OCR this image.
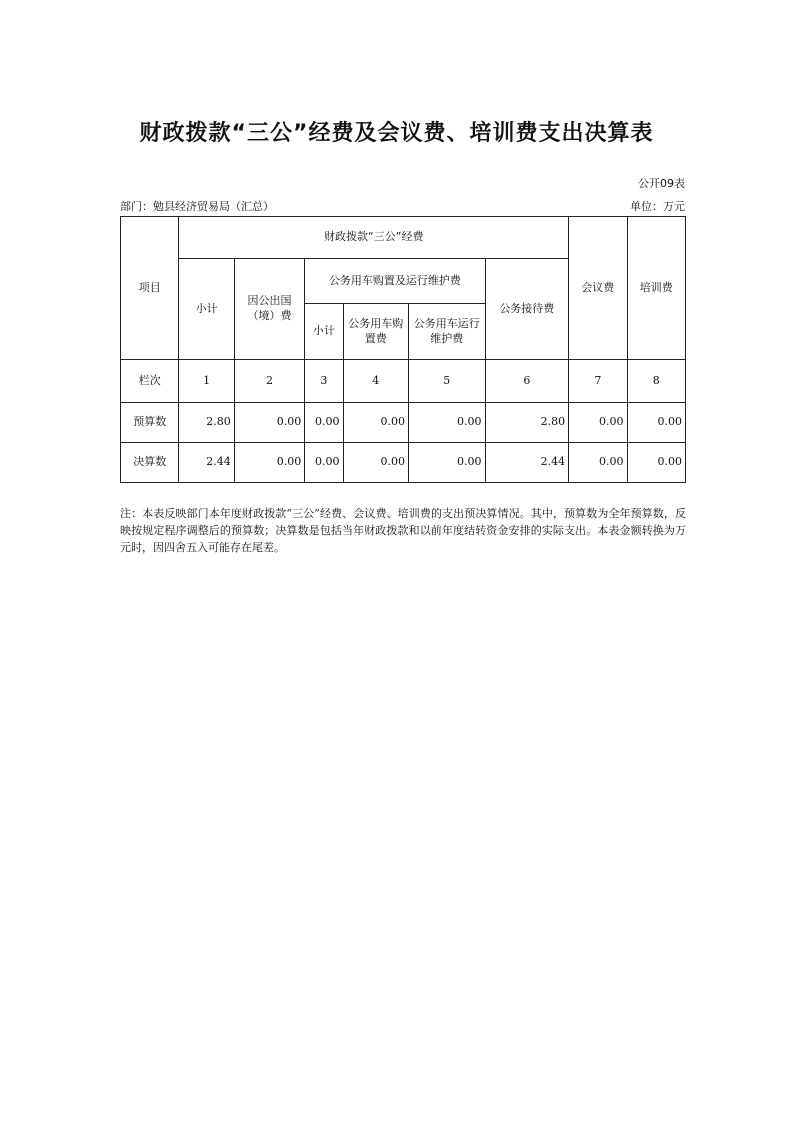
财政拨款“三公”经费及会议费、培训费支出决算表
公开09表
部门：勉县经济贸易局（汇总）	单位：万元
项目	财政拨款“三公”经费						会议费	培训费
	小计	因公出国（境）费	公务用车购置及运行维护费			公务接待费		
			小计	公务用车购置费	公务用车运行维护费			
栏次	1	2	3	4	5	6	7	8
预算数	2.80	0.00	0.00	0.00	0.00	2.80	0.00	0.00
决算数	2.44	0.00	0.00	0.00	0.00	2.44	0.00	0.00
注：本表反映部门本年度财政拨款“三公”经费、会议费、培训费的支出预决算情况。其中，预算数为全年预算数，反映按规定程序调整后的预算数；决算数是包括当年财政拨款和以前年度结转资金安排的实际支出。本表金额转换为万元时，因四舍五入可能存在尾差。
